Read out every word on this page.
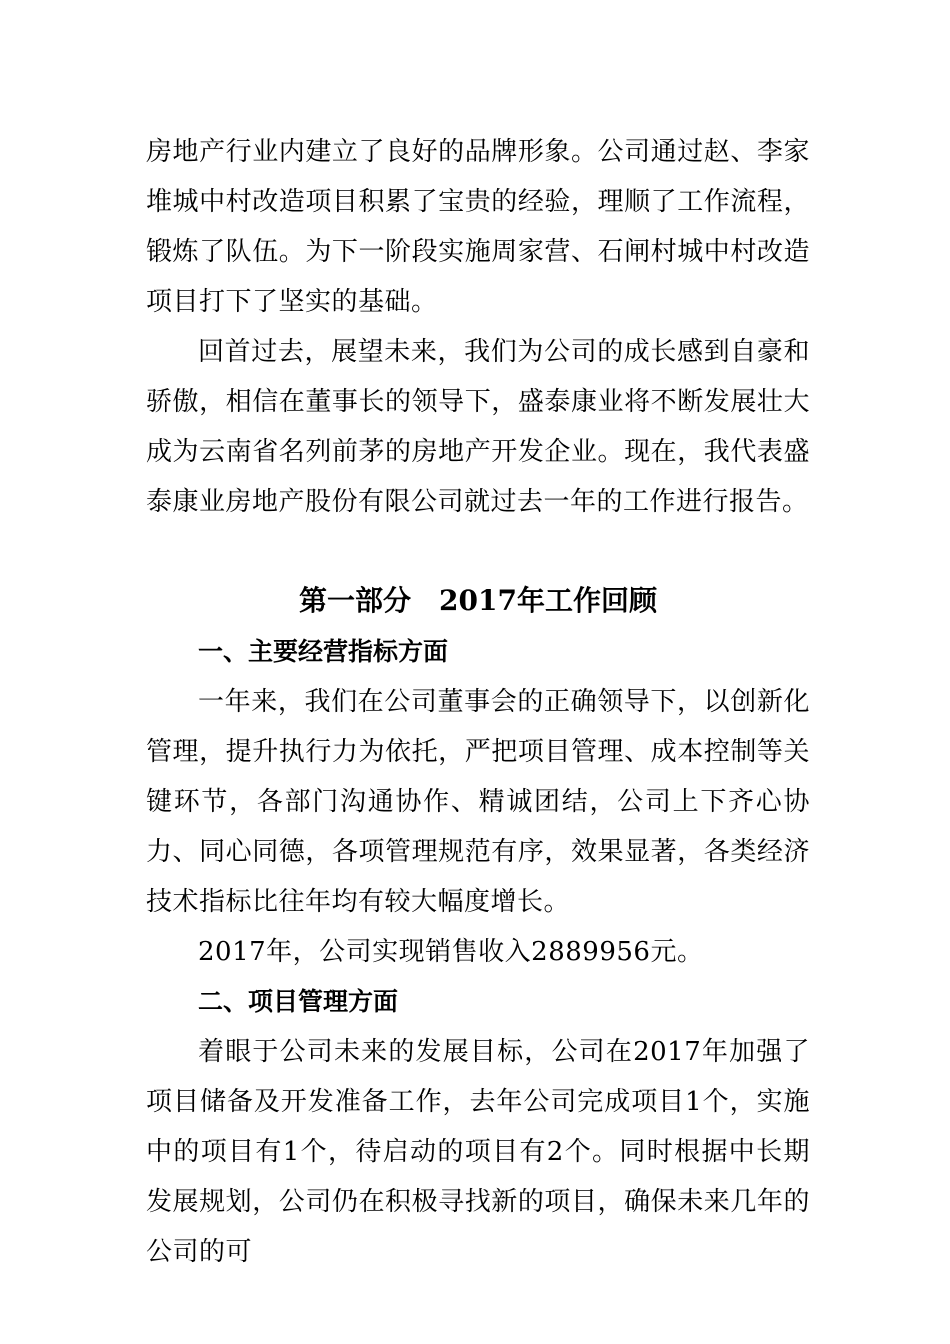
房地产行业内建立了良好的品牌形象。公司通过赵、李家堆城中村改造项目积累了宝贵的经验，理顺了工作流程，锻炼了队伍。为下一阶段实施周家营、石闸村城中村改造项目打下了坚实的基础。

回首过去，展望未来，我们为公司的成长感到自豪和骄傲，相信在董事长的领导下，盛泰康业将不断发展壮大成为云南省名列前茅的房地产开发企业。现在，我代表盛泰康业房地产股份有限公司就过去一年的工作进行报告。

第一部分　2017年工作回顾
一、主要经营指标方面

一年来，我们在公司董事会的正确领导下，以创新化管理，提升执行力为依托，严把项目管理、成本控制等关键环节，各部门沟通协作、精诚团结，公司上下齐心协力、同心同德，各项管理规范有序，效果显著，各类经济技术指标比往年均有较大幅度增长。

2017年，公司实现销售收入2889956元。

二、项目管理方面

着眼于公司未来的发展目标，公司在2017年加强了项目储备及开发准备工作，去年公司完成项目1个，实施中的项目有1个，待启动的项目有2个。同时根据中长期发展规划，公司仍在积极寻找新的项目，确保未来几年的公司的可
